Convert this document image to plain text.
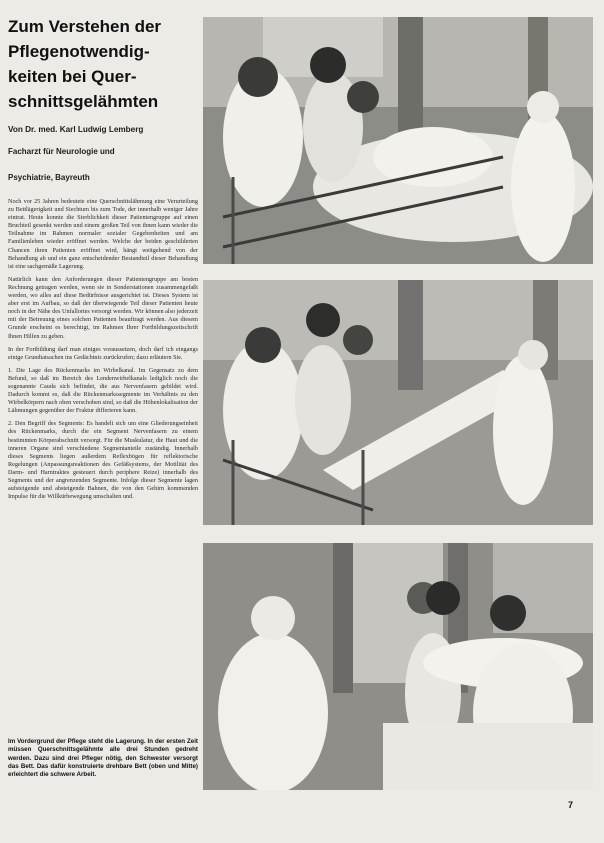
Zum Verstehen der
Pflegenotwendig-
keiten bei Quer-
schnittsgelähmten
Von Dr. med. Karl Ludwig Lemberg
Facharzt für Neurologie und
Psychiatrie, Bayreuth

Noch vor 25 Jahren bedeutete eine Querschnittslähmung eine Verurteilung zu Bettlägerigkeit und Siechtum bis zum Tode, der innerhalb weniger Jahre eintrat. Heute konnte die Sterblichkeit dieser Patientengruppe auf einen Bruchteil gesenkt werden und einem großen Teil von ihnen kann wieder die Teilnahme im Rahmen normaler sozialer Gegebenheiten und am Familienleben wieder eröffnet werden. Welche der beiden geschilderten Chancen ihren Patienten eröffnet wird, hängt weitgehend von der Behandlung ab und ein ganz entscheidender Bestandteil dieser Behandlung ist eine sachgemäße Lagerung.

Natürlich kann den Anforderungen dieser Patientengruppe am besten Rechnung getragen werden, wenn sie in Sonderstationen zusammengefaßt werden, wo alles auf diese Bedürfnisse ausgerichtet ist. Dieses System ist aber erst im Aufbau, so daß der überwiegende Teil dieser Patienten heute noch in der Nähe des Unfallortes versorgt werden. Wir können also jederzeit mit der Betreuung eines solchen Patienten beauftragt werden. Aus diesem Grunde erscheint es berechtigt, im Rahmen Ihrer Fortbildungszeitschrift Ihnen Hilfen zu geben.

In der Fortbildung darf man einiges voraussetzen, doch darf ich eingangs einige Grundtatsachen ins Gedächtnis zurückrufen; dazu erläutern Sie.

1. Die Lage des Rückenmarks im Wirbelkanal. Im Gegensatz zu dem Befund, so daß im Bereich des Lendenwirbelkanals lediglich noch die sogenannte Cauda sich befindet, die aus Nervenfasern gebildet wird. Dadurch kommt es, daß die Rückenmarkssegmente im Verhältnis zu den Wirbelkörpern nach oben verschoben sind, so daß die Höhenlokalisation der Lähmungen gegenüber der Fraktur differieren kann.

2. Den Begriff des Segments: Es handelt sich um eine Gliederungseinheit des Rückenmarks, durch die ein Segment Nervenfasern zu einem bestimmten Körperabschnitt versorgt. Für die Muskulatur, die Haut und die inneren Organe sind verschiedene Segmentanteile zuständig. Innerhalb dieses Segments liegen außerdem Reflexbögen für reflektorische Regelungen (Anpassungsreaktionen des Gefäßsystems, der Motilität des Darm- und Harntraktes gesteuert durch periphere Reize) innerhalb des Segments und der angrenzenden Segmente. Infolge dieser Segmente lagen aufsteigende und absteigende Bahnen, die von den Gehirn kommenden Impulse für die Willkürbewegung umschalten und.

Im Vordergrund der Pflege steht die Lagerung. In der ersten Zeit müssen Querschnittsgelähmte alle drei Stunden gedreht werden. Dazu sind drei Pfleger nötig, den Schwester versorgt das Bett. Das dafür konstruierte drehbare Bett (oben und Mitte) erleichtert die schwere Arbeit.
7
